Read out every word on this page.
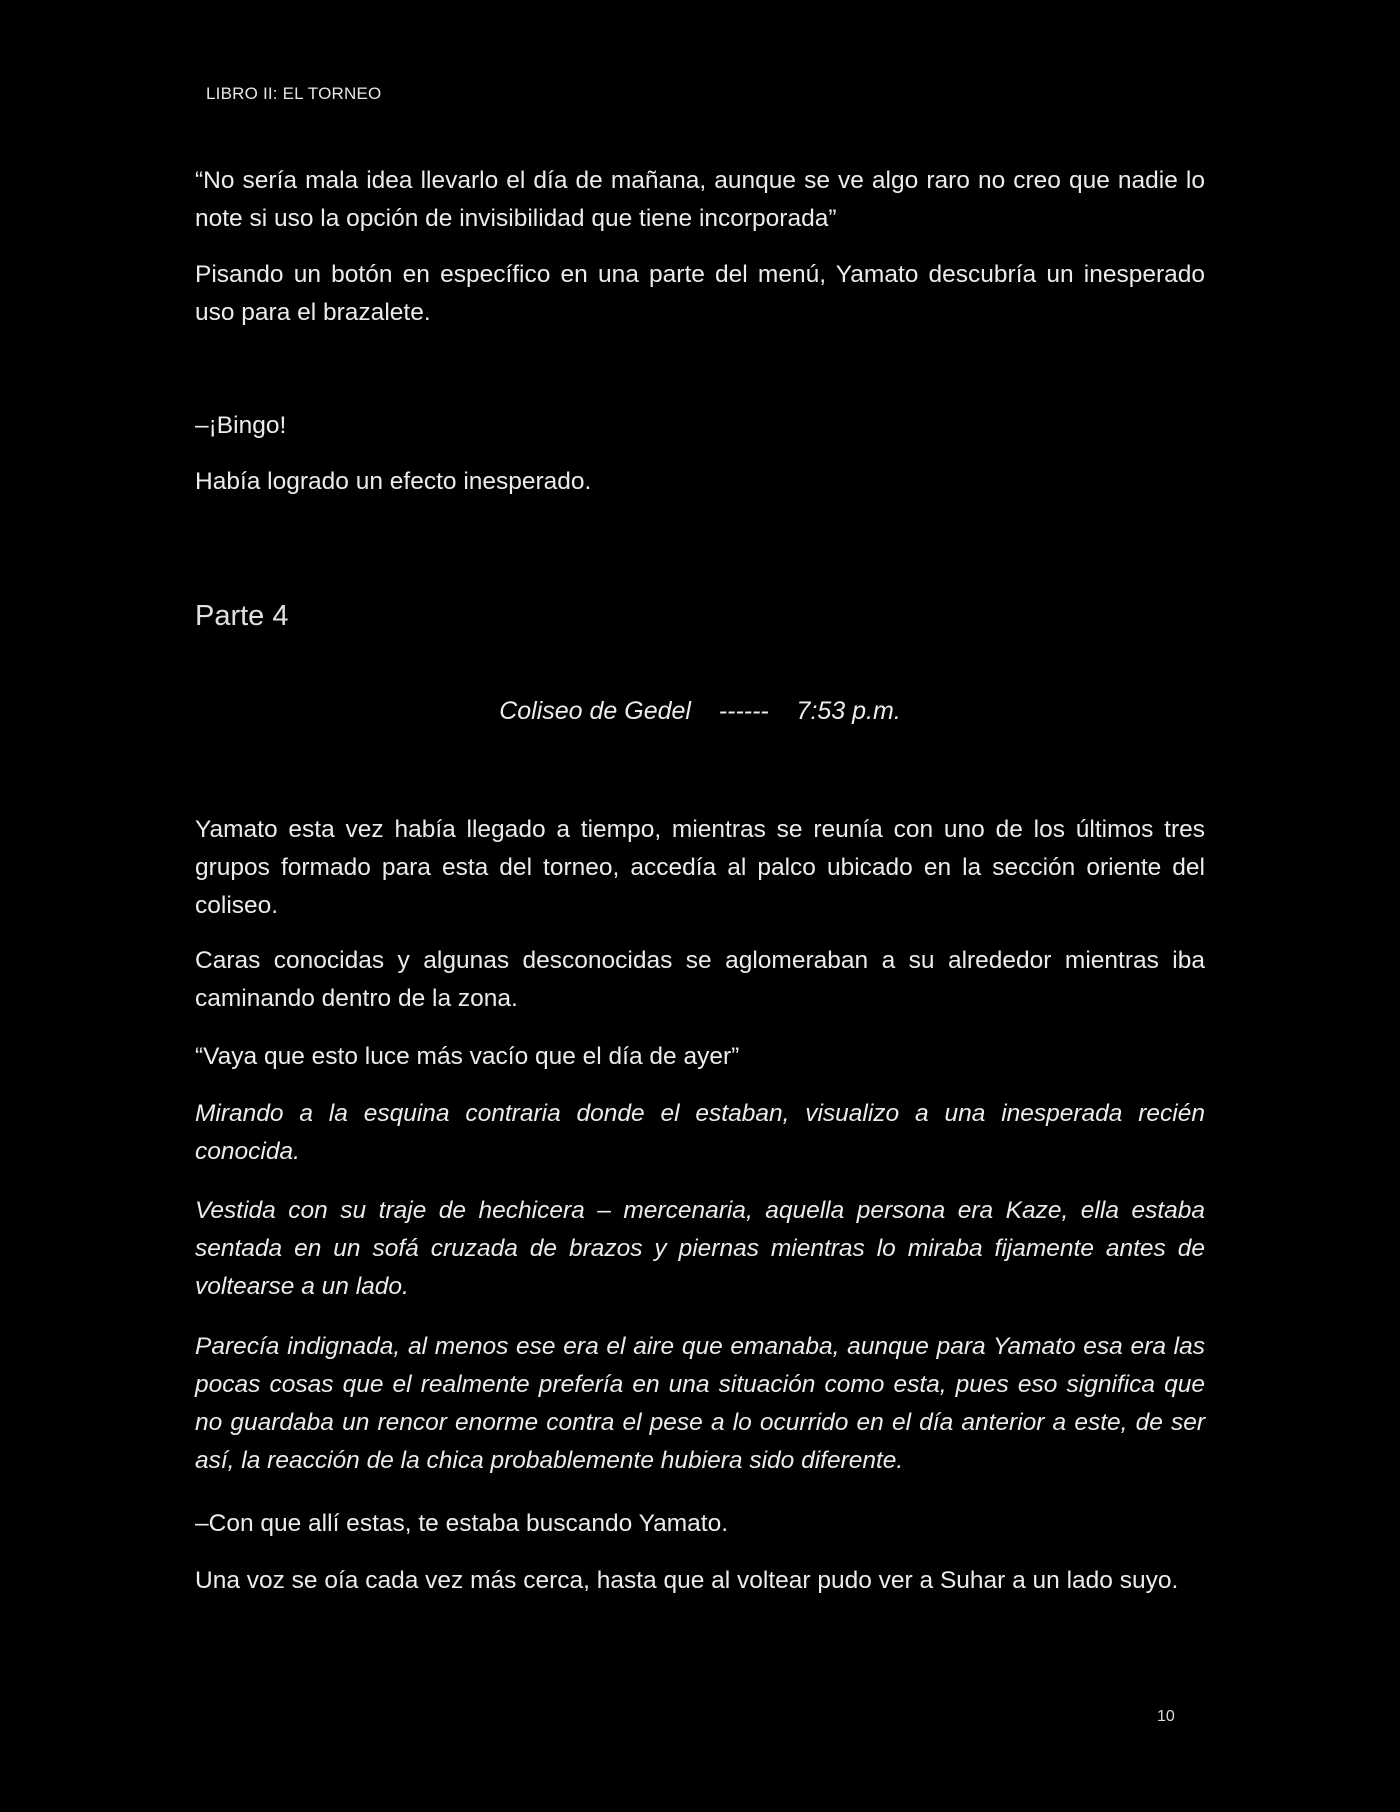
LIBRO II: EL TORNEO
“No sería mala idea llevarlo el día de mañana, aunque se ve algo raro no creo que nadie lo note si uso la opción de invisibilidad que tiene incorporada”
Pisando un botón en específico en una parte del menú, Yamato descubría un inesperado uso para el brazalete.
–¡Bingo!
Había logrado un efecto inesperado.
Parte 4
Coliseo de Gedel ------ 7:53 p.m.
Yamato esta vez había llegado a tiempo, mientras se reunía con uno de los últimos tres grupos formado para esta del torneo, accedía al palco ubicado en la sección oriente del coliseo.
Caras conocidas y algunas desconocidas se aglomeraban a su alrededor mientras iba caminando dentro de la zona.
“Vaya que esto luce más vacío que el día de ayer”
Mirando a la esquina contraria donde el estaban, visualizo a una inesperada recién conocida.
Vestida con su traje de hechicera – mercenaria, aquella persona era Kaze, ella estaba sentada en un sofá cruzada de brazos y piernas mientras lo miraba fijamente antes de voltearse a un lado.
Parecía indignada, al menos ese era el aire que emanaba, aunque para Yamato esa era las pocas cosas que el realmente prefería en una situación como esta, pues eso significa que no guardaba un rencor enorme contra el pese a lo ocurrido en el día anterior a este, de ser así, la reacción de la chica probablemente hubiera sido diferente.
–Con que allí estas, te estaba buscando Yamato.
Una voz se oía cada vez más cerca, hasta que al voltear pudo ver a Suhar a un lado suyo.
10
